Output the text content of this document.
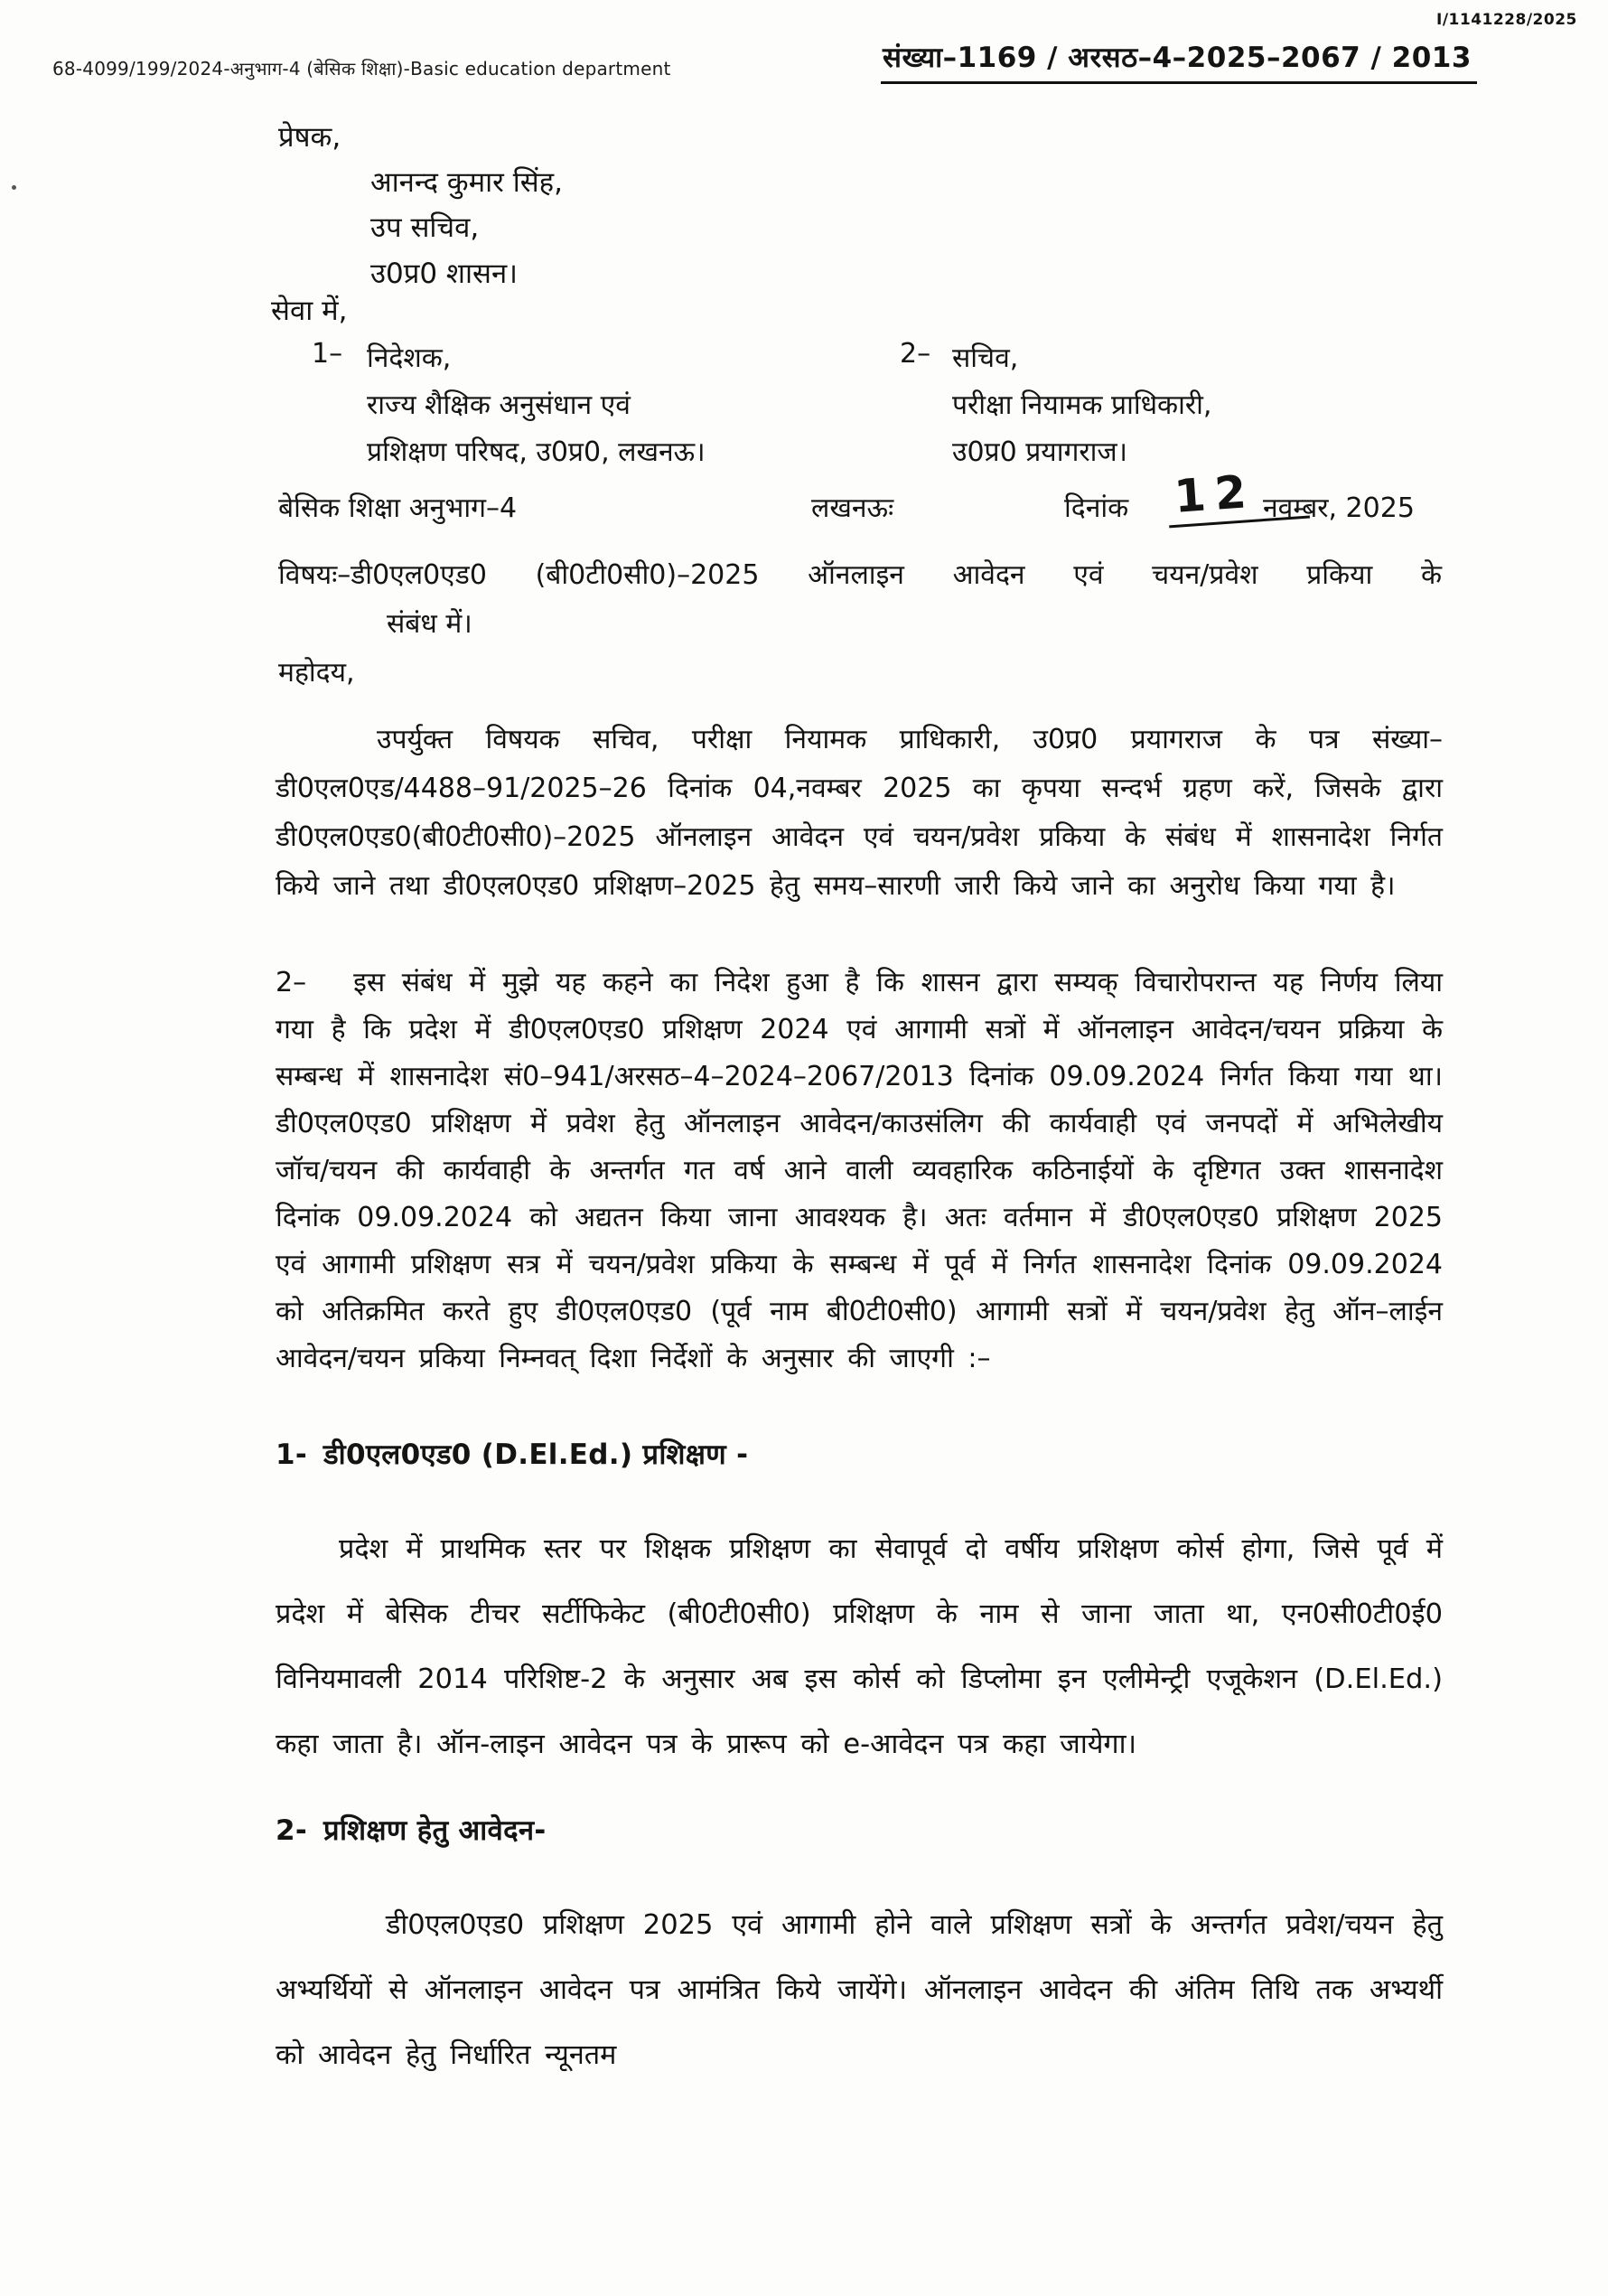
68-4099/199/2024-अनुभाग-4 (बेसिक शिक्षा)-Basic education department
I/1141228/2025
संख्या–1169 / अरसठ–4–2025–2067 / 2013
प्रेषक,
आनन्द कुमार सिंह,
उप सचिव,
उ0प्र0 शासन।
सेवा में,
1– निदेशक,
राज्य शैक्षिक अनुसंधान एवं
प्रशिक्षण परिषद, उ0प्र0, लखनऊ।
2– सचिव,
परीक्षा नियामक प्राधिकारी,
उ0प्र0 प्रयागराज।
बेसिक शिक्षा अनुभाग–4	लखनऊः	दिनांक 12 नवम्बर, 2025
विषयः–डी0एल0एड0 (बी0टी0सी0)–2025 ऑनलाइन आवेदन एवं चयन/प्रवेश प्रकिया के
संबंध में।
महोदय,

उपर्युक्त विषयक सचिव, परीक्षा नियामक प्राधिकारी, उ0प्र0 प्रयागराज के पत्र संख्या– डी0एल0एड/4488–91/2025–26 दिनांक 04,नवम्बर 2025 का कृपया सन्दर्भ ग्रहण करें, जिसके द्वारा डी0एल0एड0(बी0टी0सी0)–2025 ऑनलाइन आवेदन एवं चयन/प्रवेश प्रकिया के संबंध में शासनादेश निर्गत किये जाने तथा डी0एल0एड0 प्रशिक्षण–2025 हेतु समय–सारणी जारी किये जाने का अनुरोध किया गया है।

2– इस संबंध में मुझे यह कहने का निदेश हुआ है कि शासन द्वारा सम्यक् विचारोपरान्त यह निर्णय लिया गया है कि प्रदेश में डी0एल0एड0 प्रशिक्षण 2024 एवं आगामी सत्रों में ऑनलाइन आवेदन/चयन प्रक्रिया के सम्बन्ध में शासनादेश सं0–941/अरसठ–4–2024–2067/2013 दिनांक 09.09.2024 निर्गत किया गया था। डी0एल0एड0 प्रशिक्षण में प्रवेश हेतु ऑनलाइन आवेदन/काउसंलिग की कार्यवाही एवं जनपदों में अभिलेखीय जॉच/चयन की कार्यवाही के अन्तर्गत गत वर्ष आने वाली व्यवहारिक कठिनाईयों के दृष्टिगत उक्त शासनादेश दिनांक 09.09.2024 को अद्यतन किया जाना आवश्यक है। अतः वर्तमान में डी0एल0एड0 प्रशिक्षण 2025 एवं आगामी प्रशिक्षण सत्र में चयन/प्रवेश प्रकिया के सम्बन्ध में पूर्व में निर्गत शासनादेश दिनांक 09.09.2024 को अतिक्रमित करते हुए डी0एल0एड0 (पूर्व नाम बी0टी0सी0) आगामी सत्रों में चयन/प्रवेश हेतु ऑन–लाईन आवेदन/चयन प्रकिया निम्नवत् दिशा निर्देशों के अनुसार की जाएगी :–

1- डी0एल0एड0 (D.El.Ed.) प्रशिक्षण -

प्रदेश में प्राथमिक स्तर पर शिक्षक प्रशिक्षण का सेवापूर्व दो वर्षीय प्रशिक्षण कोर्स होगा, जिसे पूर्व में प्रदेश में बेसिक टीचर सर्टीफिकेट (बी0टी0सी0) प्रशिक्षण के नाम से जाना जाता था, एन0सी0टी0ई0 विनियमावली 2014 परिशिष्ट-2 के अनुसार अब इस कोर्स को डिप्लोमा इन एलीमेन्ट्री एजूकेशन (D.El.Ed.) कहा जाता है। ऑन-लाइन आवेदन पत्र के प्रारूप को e-आवेदन पत्र कहा जायेगा।

2- प्रशिक्षण हेतु आवेदन-

डी0एल0एड0 प्रशिक्षण 2025 एवं आगामी होने वाले प्रशिक्षण सत्रों के अन्तर्गत प्रवेश/चयन हेतु अभ्यर्थियों से ऑनलाइन आवेदन पत्र आमंत्रित किये जायेंगे। ऑनलाइन आवेदन की अंतिम तिथि तक अभ्यर्थी को आवेदन हेतु निर्धारित न्यूनतम
